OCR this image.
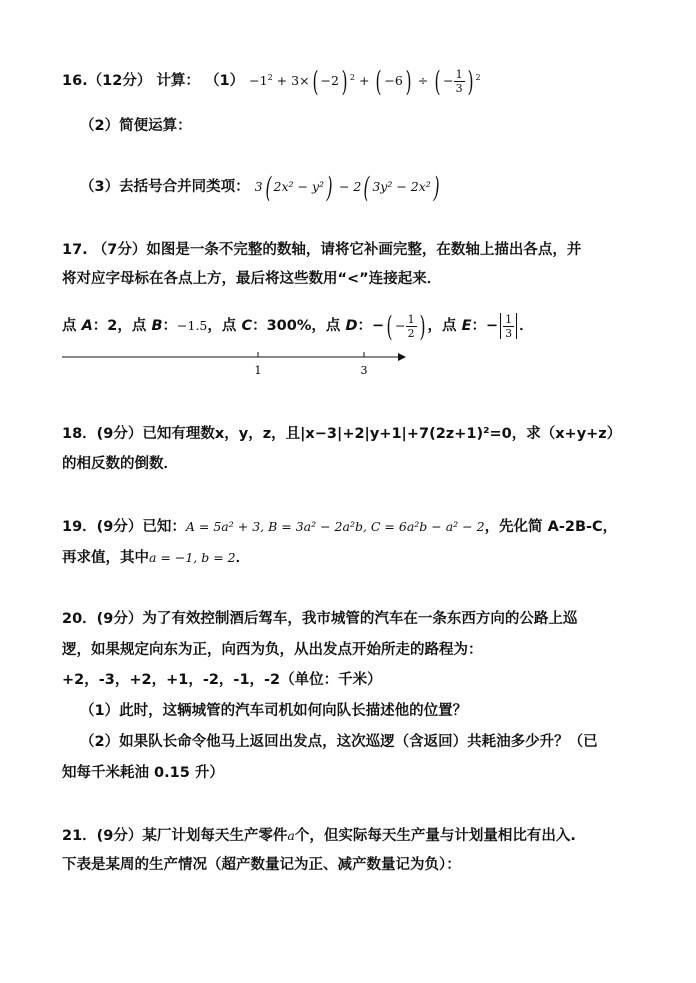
16.（12分） 计算： $(1) -1^2 + 3\times( -2) ^2$ + ( −6) ÷ ( − $\frac{1}{3}$ ) $^2$
（2）简便运算：
（3）去括号合并同类项： 3( 2x² − y²) − 2( 3y² − 2x²)
17. （7分）如图是一条不完整的数轴，请将它补画完整，在数轴上描出各点，并
将对应字母标在各点上方，最后将这些数用“<”连接起来．
点 A：2，点 B：−1.5，点 C：300%，点 D：−( − $\frac{1}{2}$ ) ，点 E：− $\frac{1}{3}$ ．
1	3
18．(9分）已知有理数x，y，z，且|x−3|+2|y+1|+7(2z+1)²=0，求（x+y+z）
的相反数的倒数．
19．(9分）已知：A = 5a² + 3, B = 3a² − 2a²b, C = 6a²b − a² − 2，先化简 A-2B-C，
再求值，其中a = −1, b = 2．
20．(9分）为了有效控制酒后驾车，我市城管的汽车在一条东西方向的公路上巡
逻，如果规定向东为正，向西为负，从出发点开始所走的路程为：
+2，-3，+2，+1，-2，-1，-2（单位：千米）
（1）此时，这辆城管的汽车司机如何向队长描述他的位置？
（2）如果队长命令他马上返回出发点，这次巡逻（含返回）共耗油多少升？（已
知每千米耗油 0.15 升）
21．(9分）某厂计划每天生产零件a个，但实际每天生产量与计划量相比有出入.
下表是某周的生产情况（超产数量记为正、减产数量记为负）：
